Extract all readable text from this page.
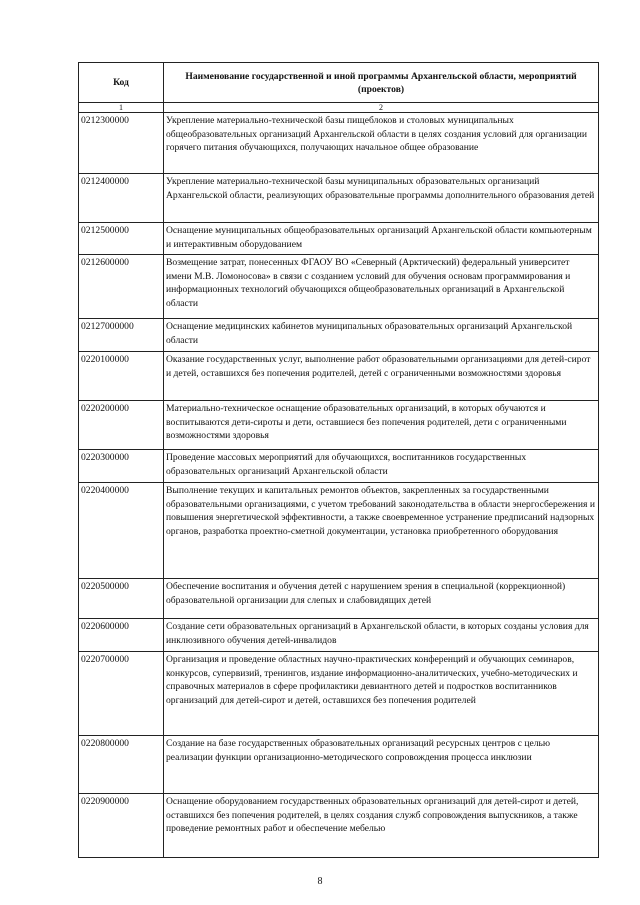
Код	Наименование государственной и иной программы Архангельской области, мероприятий (проектов)
1	2
0212300000	Укрепление материально-технической базы пищеблоков и столовых муниципальных общеобразовательных организаций Архангельской области в целях создания условий для организации горячего питания обучающихся, получающих начальное общее образование
0212400000	Укрепление материально-технической базы муниципальных образовательных организаций Архангельской области, реализующих образовательные программы дополнительного образования детей
0212500000	Оснащение муниципальных общеобразовательных организаций Архангельской области компьютерным и интерактивным оборудованием
0212600000	Возмещение затрат, понесенных ФГАОУ ВО «Северный (Арктический) федеральный университет имени М.В. Ломоносова» в связи с созданием условий для обучения основам программирования и информационных технологий обучающихся общеобразовательных организаций в Архангельской области
02127000000	Оснащение медицинских кабинетов муниципальных образовательных организаций Архангельской области
0220100000	Оказание государственных услуг, выполнение работ образовательными организациями для детей-сирот и детей, оставшихся без попечения родителей, детей с ограниченными возможностями здоровья
0220200000	Материально-техническое оснащение образовательных организаций, в которых обучаются и воспитываются дети-сироты и дети, оставшиеся без попечения родителей, дети с ограниченными возможностями здоровья
0220300000	Проведение массовых мероприятий для обучающихся, воспитанников государственных образовательных организаций Архангельской области
0220400000	Выполнение текущих и капитальных ремонтов объектов, закрепленных за государственными образовательными организациями, с учетом требований законодательства в области энергосбережения и повышения энергетической эффективности, а также своевременное устранение предписаний надзорных органов, разработка проектно-сметной документации, установка приобретенного оборудования
0220500000	Обеспечение воспитания и обучения детей с нарушением зрения в специальной (коррекционной) образовательной организации для слепых и слабовидящих детей
0220600000	Создание сети образовательных организаций в Архангельской области, в которых созданы условия для инклюзивного обучения детей-инвалидов
0220700000	Организация и проведение областных научно-практических конференций и обучающих семинаров, конкурсов, супервизий, тренингов, издание информационно-аналитических, учебно-методических и справочных материалов в сфере профилактики девиантного детей и подростков воспитанников организаций для детей-сирот и детей, оставшихся без попечения родителей
0220800000	Создание на базе государственных образовательных организаций ресурсных центров с целью реализации функции организационно-методического сопровождения процесса инклюзии
0220900000	Оснащение оборудованием государственных образовательных организаций для детей-сирот и детей, оставшихся без попечения родителей, в целях создания служб сопровождения выпускников, а также проведение ремонтных работ и обеспечение мебелью
8
